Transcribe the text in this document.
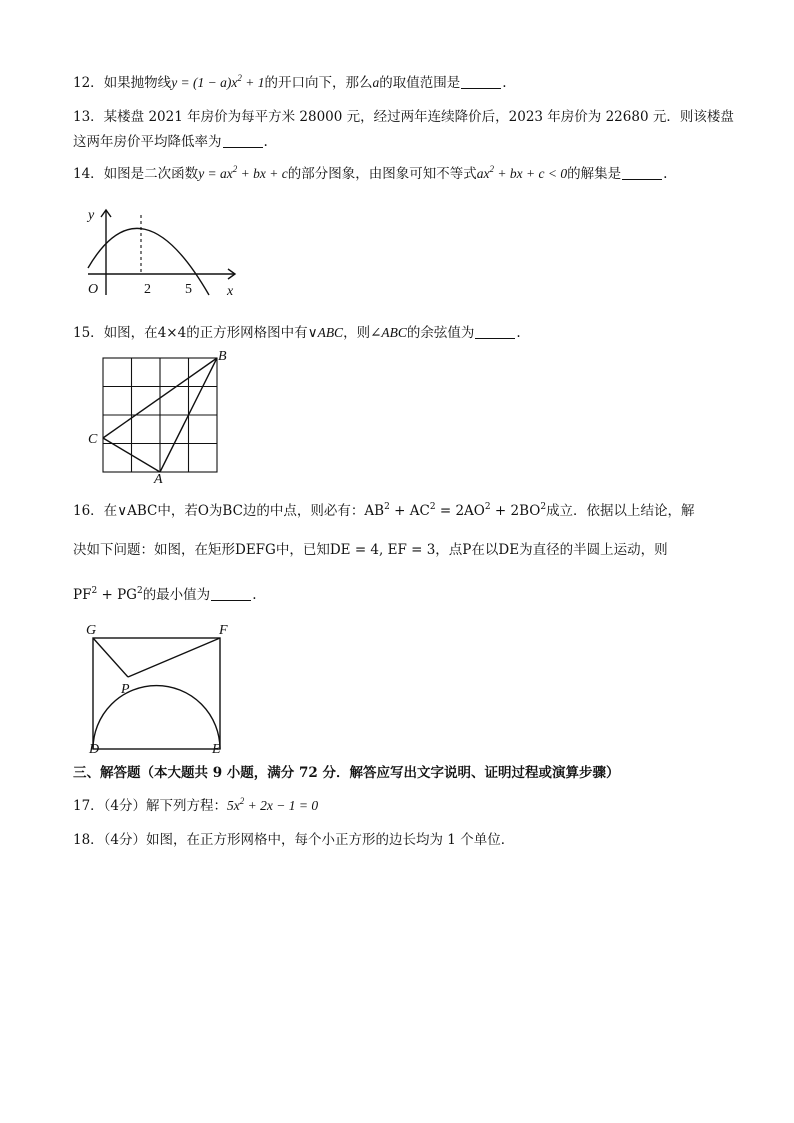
12．如果抛物线$y = (1 - a)x^2 + 1$的开口向下，那么a的取值范围是	.
13．某楼盘 2021 年房价为每平方米 28000 元，经过两年连续降价后，2023 年房价为 22680 元．则该楼盘
这两年房价平均降低率为	.
14．如图是二次函数$y = ax^2$ + bx + c的部分图象，由图象可知不等式$ax^2$ + bx + c < 0的解集是	.
y
x
O	2 5
15．如图，在4×4的正方形网格图中有∨ABC，则∠ABC的余弦值为	.
B
C
A
16．在∨ABC中，若O为BC边的中点，则必有：$AB^2 + AC^2 = 2AO^2 + 2BO^2$成立．依据以上结论，解
决如下问题：如图，在矩形DEFG中，已知DE = 4, EF = 3，点P在以DE为直径的半圆上运动，则
$PF^2 + PG^2$的最小值为	.
G	F
P
D	E
三、解答题（本大题共 9 小题，满分 72 分．解答应写出文字说明、证明过程或演算步骤）
17．（4分）解下列方程：$5x^2 + 2x - 1 = 0$
18．（4分）如图，在正方形网格中，每个小正方形的边长均为 1 个单位．
